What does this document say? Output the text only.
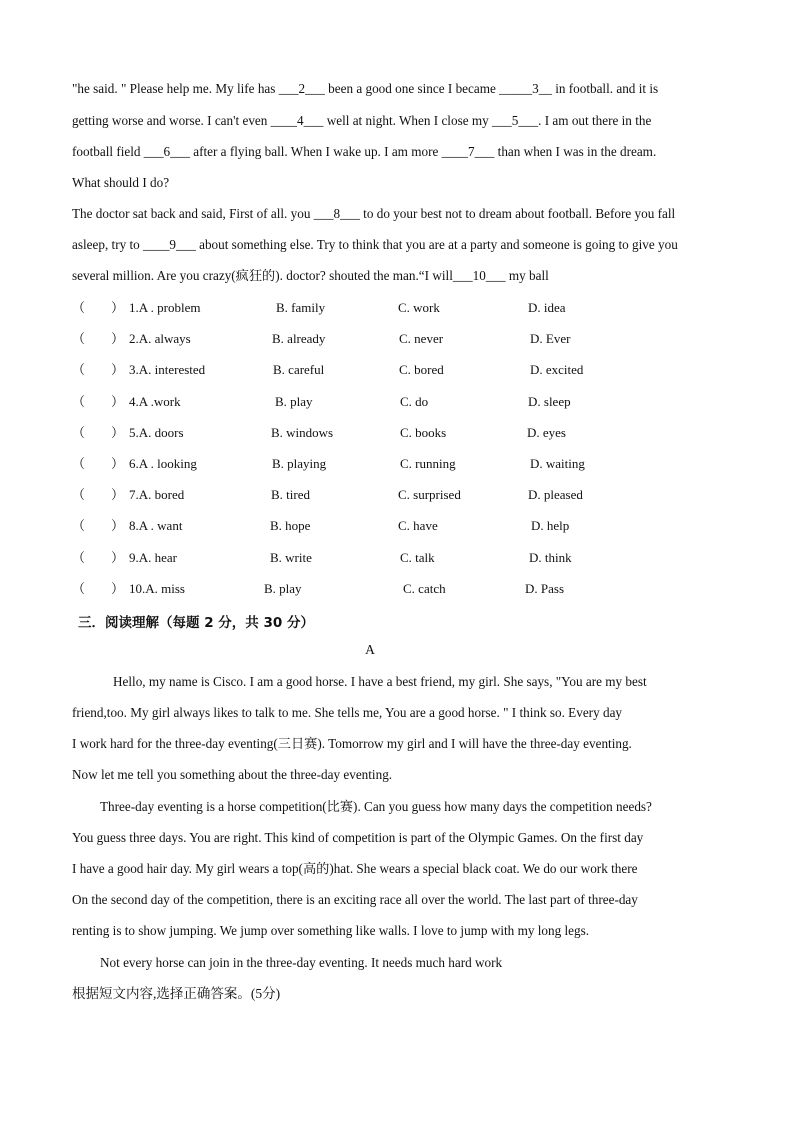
"he said. " Please help me. My life has ___2___ been a good one since I became _____3__ in football. and it is
getting worse and worse. I can't even ____4___ well at night. When I close my ___5___. I am out there in the
football field ___6___ after a flying ball. When I wake up. I am more ____7___ than when I was in the dream.
What should I do?
The doctor sat back and said, First of all. you ___8___ to do your best not to dream about football. Before you fall
asleep, try to ____9___ about something else. Try to think that you are at a party and someone is going to give you
several million. Are you crazy(疯狂的). doctor? shouted the man.“I will___10___ my ball
（　　） 1.A . problem	B. family	C. work	D. idea
（　　） 2.A. always	B. already	C. never	D. Ever
（　　） 3.A. interested	B. careful	C. bored	D. excited
（　　） 4.A .work	B. play	C. do	D. sleep
（　　） 5.A. doors	B. windows	C. books	D. eyes
（　　） 6.A . looking	B. playing	C. running	D. waiting
（　　） 7.A. bored	B. tired	C. surprised	D. pleased
（　　） 8.A . want	B. hope	C. have	D. help
（　　） 9.A. hear	B. write	C. talk	D. think
（　　） 10.A. miss	B. play	C. catch	D. Pass
三．阅读理解（每题 2 分，共 30 分）
A
Hello, my name is Cisco. I am a good horse. I have a best friend, my girl. She says, "You are my best
friend,too. My girl always likes to talk to me. She tells me, You are a good horse. " I think so. Every day
I work hard for the three-day eventing(三日赛). Tomorrow my girl and I will have the three-day eventing.
Now let me tell you something about the three-day eventing.
Three-day eventing is a horse competition(比赛). Can you guess how many days the competition needs?
You guess three days. You are right. This kind of competition is part of the Olympic Games. On the first day
I have a good hair day. My girl wears a top(高的)hat. She wears a special black coat. We do our work there
On the second day of the competition, there is an exciting race all over the world. The last part of three-day
renting is to show jumping. We jump over something like walls. I love to jump with my long legs.
Not every horse can join in the three-day eventing. It needs much hard work
根据短文内容,选择正确答案。(5分)
